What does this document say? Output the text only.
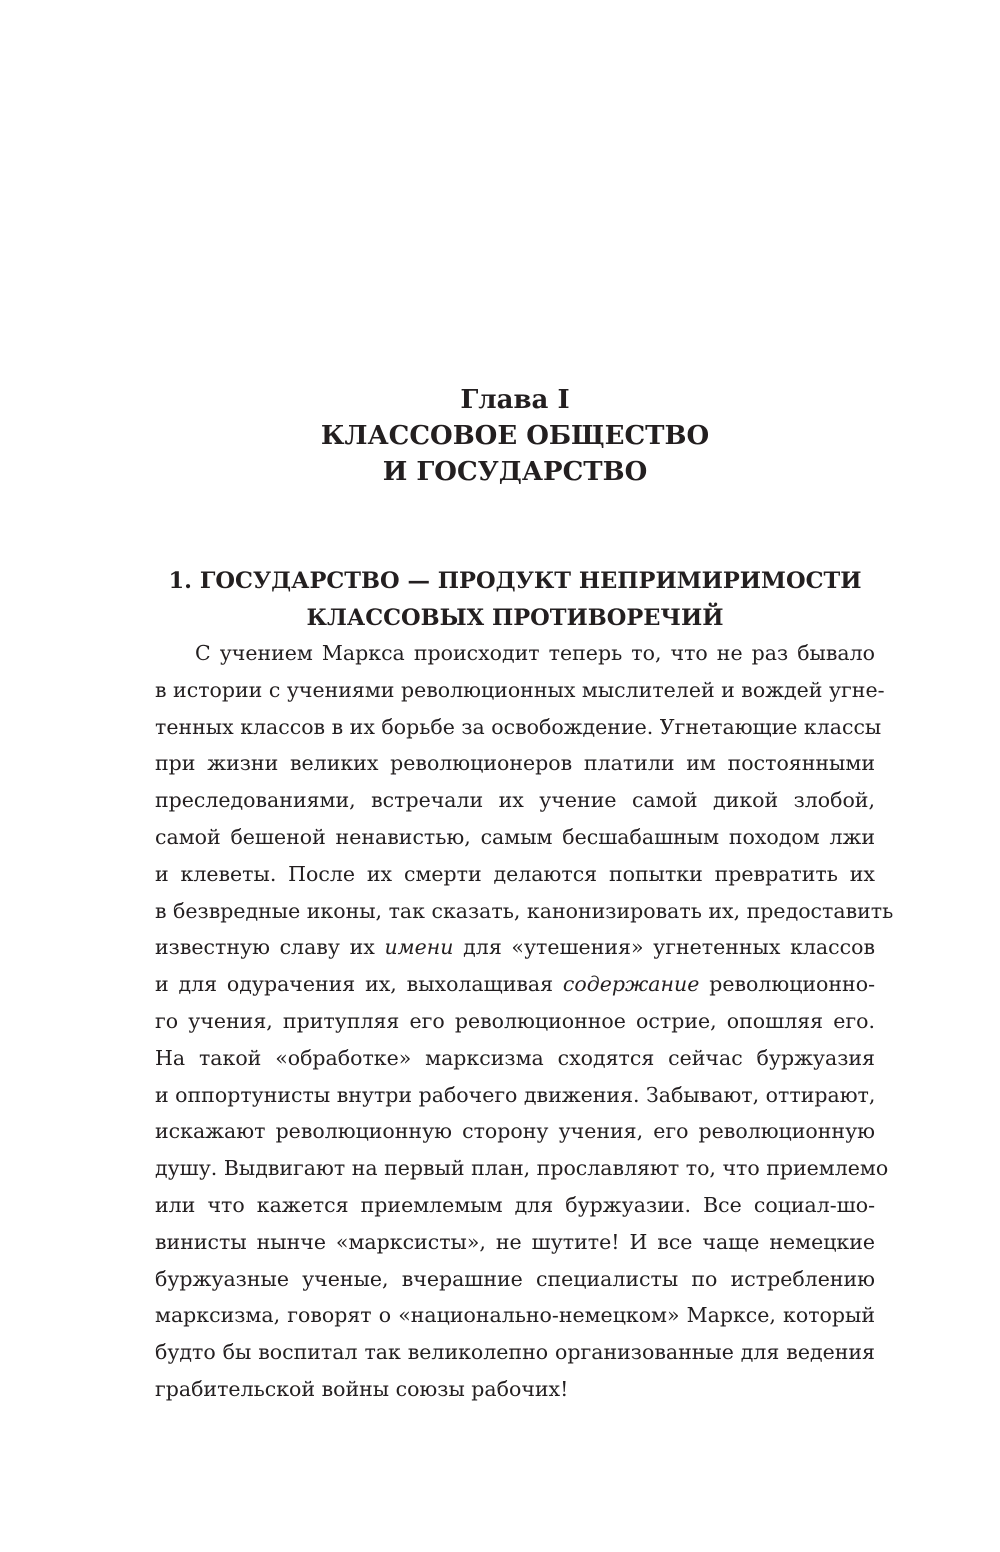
Глава I
КЛАССОВОЕ ОБЩЕСТВО
И ГОСУДАРСТВО
1. ГОСУДАРСТВО — ПРОДУКТ НЕПРИМИРИМОСТИ
КЛАССОВЫХ ПРОТИВОРЕЧИЙ
С учением Маркса происходит теперь то, что не раз бывало
в истории с учениями революционных мыслителей и вождей угне-
тенных классов в их борьбе за освобождение. Угнетающие классы
при жизни великих революционеров платили им постоянными
преследованиями, встречали их учение самой дикой злобой,
самой бешеной ненавистью, самым бесшабашным походом лжи
и клеветы. После их смерти делаются попытки превратить их
в безвредные иконы, так сказать, канонизировать их, предоставить
известную славу их имени для «утешения» угнетенных классов
и для одурачения их, выхолащивая содержание революционно-
го учения, притупляя его революционное острие, опошляя его.
На такой «обработке» марксизма сходятся сейчас буржуазия
и оппортунисты внутри рабочего движения. Забывают, оттирают,
искажают революционную сторону учения, его революционную
душу. Выдвигают на первый план, прославляют то, что приемлемо
или что кажется приемлемым для буржуазии. Все социал-шо-
винисты нынче «марксисты», не шутите! И все чаще немецкие
буржуазные ученые, вчерашние специалисты по истреблению
марксизма, говорят о «национально-немецком» Марксе, который
будто бы воспитал так великолепно организованные для ведения
грабительской войны союзы рабочих!
